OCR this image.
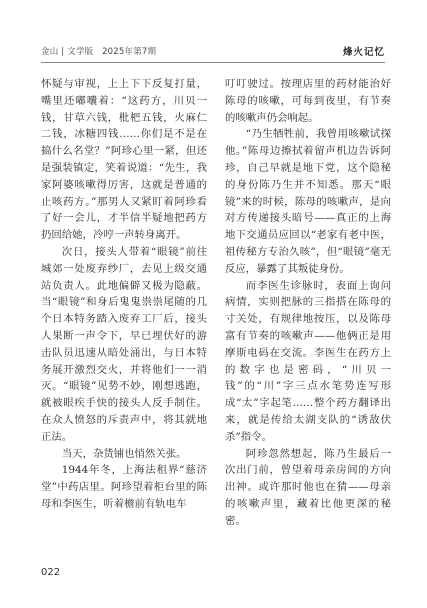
金山 | 文学版　2025年第7期	烽火记忆

怀疑与审视，上上下下反复打量，嘴里还嘟囔着：“这药方，川贝一钱，甘草六钱，枇杷五钱，火麻仁二钱，冰糖四钱……你们是不是在搞什么名堂？”阿珍心里一紧，但还是强装镇定，笑着说道：“先生，我家阿婆咳嗽得厉害，这就是普通的止咳药方。”那男人又紧盯着阿珍看了好一会儿，才半信半疑地把药方扔回给她，冷哼一声转身离开。

次日，接头人带着“眼镜”前往城郊一处废弃纱厂，去见上级交通站负责人。此地偏僻又极为隐蔽。当“眼镜”和身后鬼鬼祟祟尾随的几个日本特务踏入废弃工厂后，接头人果断一声令下，早已埋伏好的游击队员迅速从暗处涌出，与日本特务展开激烈交火，并将他们一一消灭。“眼镜”见势不妙，刚想逃跑，就被眼疾手快的接头人反手制住。在众人愤怒的斥责声中，将其就地正法。

当天，杂货铺也悄然关张。

1944年冬，上海法租界“慈济堂”中药店里。阿珍望着柜台里的陈母和李医生，听着檐前有轨电车

叮叮驶过。按理店里的药材能治好陈母的咳嗽，可每到夜里，有节奏的咳嗽声仍会响起。

“乃生牺牲前，我曾用咳嗽试探他。”陈母边擦拭着留声机边告诉阿珍，自己早就是地下党，这个隐秘的身份陈乃生并不知悉。那天“眼镜”来的时候，陈母的咳嗽声，是向对方传递接头暗号——真正的上海地下交通员应回以“老家有老中医，祖传秘方专治久咳”，但“眼镜”毫无反应，暴露了其叛徒身份。

而李医生诊脉时，表面上询问病情，实则把脉的三指搭在陈母的寸关处，有规律地按压，以及陈母富有节奏的咳嗽声——他俩正是用摩斯电码在交流。李医生在药方上的数字也是密码，“川贝一钱”的“川”字三点水笔势连写形成“太”字起笔……整个药方翻译出来，就是传给太湖支队的“诱敌伏杀”指令。

阿珍忽然想起，陈乃生最后一次出门前，曾望着母亲房间的方向出神。或许那时他也在猜——母亲的咳嗽声里，藏着比他更深的秘密。

022
